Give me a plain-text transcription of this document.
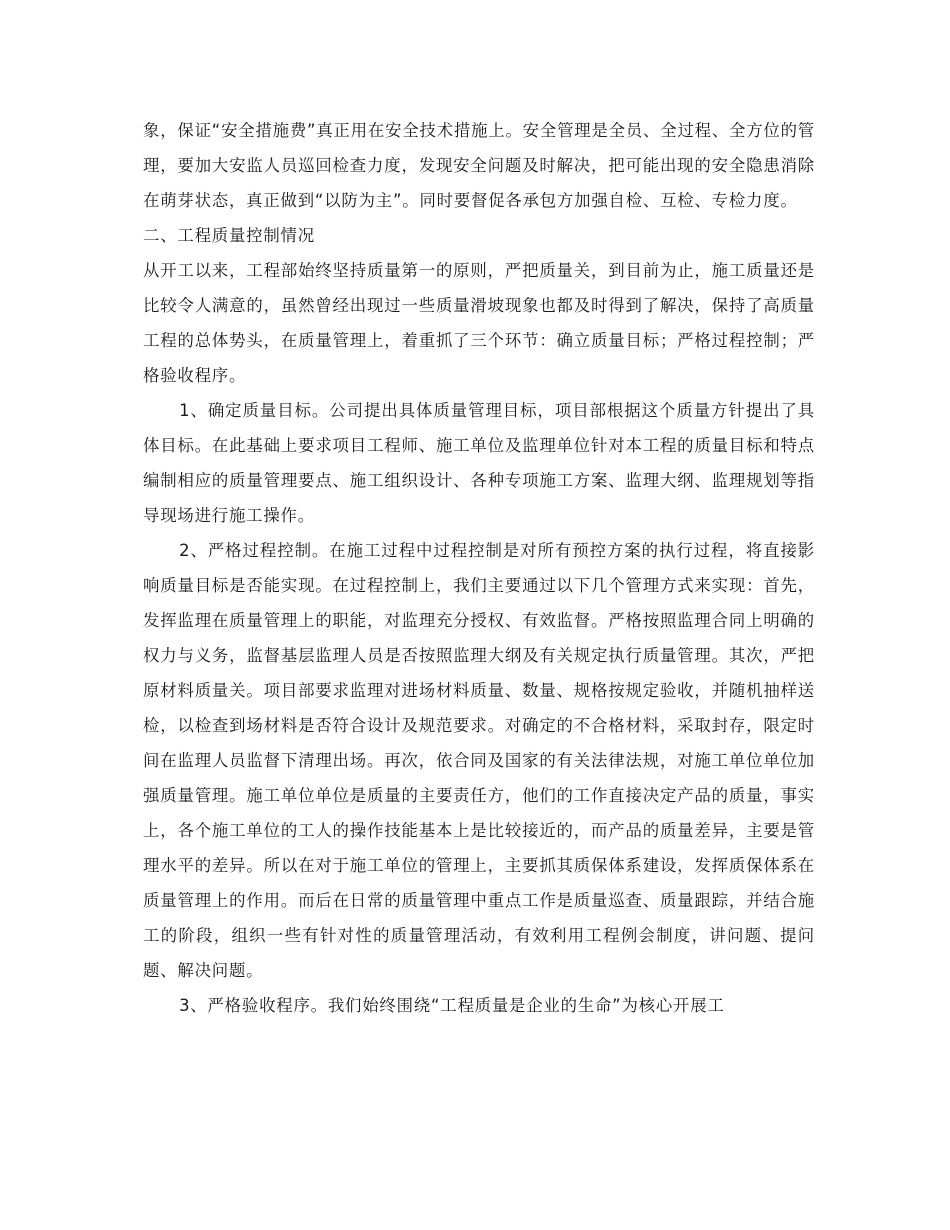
象，保证“安全措施费”真正用在安全技术措施上。安全管理是全员、全过程、全方位的管理，要加大安监人员巡回检查力度，发现安全问题及时解决，把可能出现的安全隐患消除在萌芽状态，真正做到“以防为主”。同时要督促各承包方加强自检、互检、专检力度。

二、工程质量控制情况

从开工以来，工程部始终坚持质量第一的原则，严把质量关，到目前为止，施工质量还是比较令人满意的，虽然曾经出现过一些质量滑坡现象也都及时得到了解决，保持了高质量工程的总体势头，在质量管理上，着重抓了三个环节：确立质量目标；严格过程控制；严格验收程序。

1、确定质量目标。公司提出具体质量管理目标，项目部根据这个质量方针提出了具体目标。在此基础上要求项目工程师、施工单位及监理单位针对本工程的质量目标和特点编制相应的质量管理要点、施工组织设计、各种专项施工方案、监理大纲、监理规划等指导现场进行施工操作。

2、严格过程控制。在施工过程中过程控制是对所有预控方案的执行过程，将直接影响质量目标是否能实现。在过程控制上，我们主要通过以下几个管理方式来实现：首先，发挥监理在质量管理上的职能，对监理充分授权、有效监督。严格按照监理合同上明确的权力与义务，监督基层监理人员是否按照监理大纲及有关规定执行质量管理。其次，严把原材料质量关。项目部要求监理对进场材料质量、数量、规格按规定验收，并随机抽样送检，以检查到场材料是否符合设计及规范要求。对确定的不合格材料，采取封存，限定时间在监理人员监督下清理出场。再次，依合同及国家的有关法律法规，对施工单位单位加强质量管理。施工单位单位是质量的主要责任方，他们的工作直接决定产品的质量，事实上，各个施工单位的工人的操作技能基本上是比较接近的，而产品的质量差异，主要是管理水平的差异。所以在对于施工单位的管理上，主要抓其质保体系建设，发挥质保体系在质量管理上的作用。而后在日常的质量管理中重点工作是质量巡查、质量跟踪，并结合施工的阶段，组织一些有针对性的质量管理活动，有效利用工程例会制度，讲问题、提问题、解决问题。

3、严格验收程序。我们始终围绕“工程质量是企业的生命”为核心开展工
